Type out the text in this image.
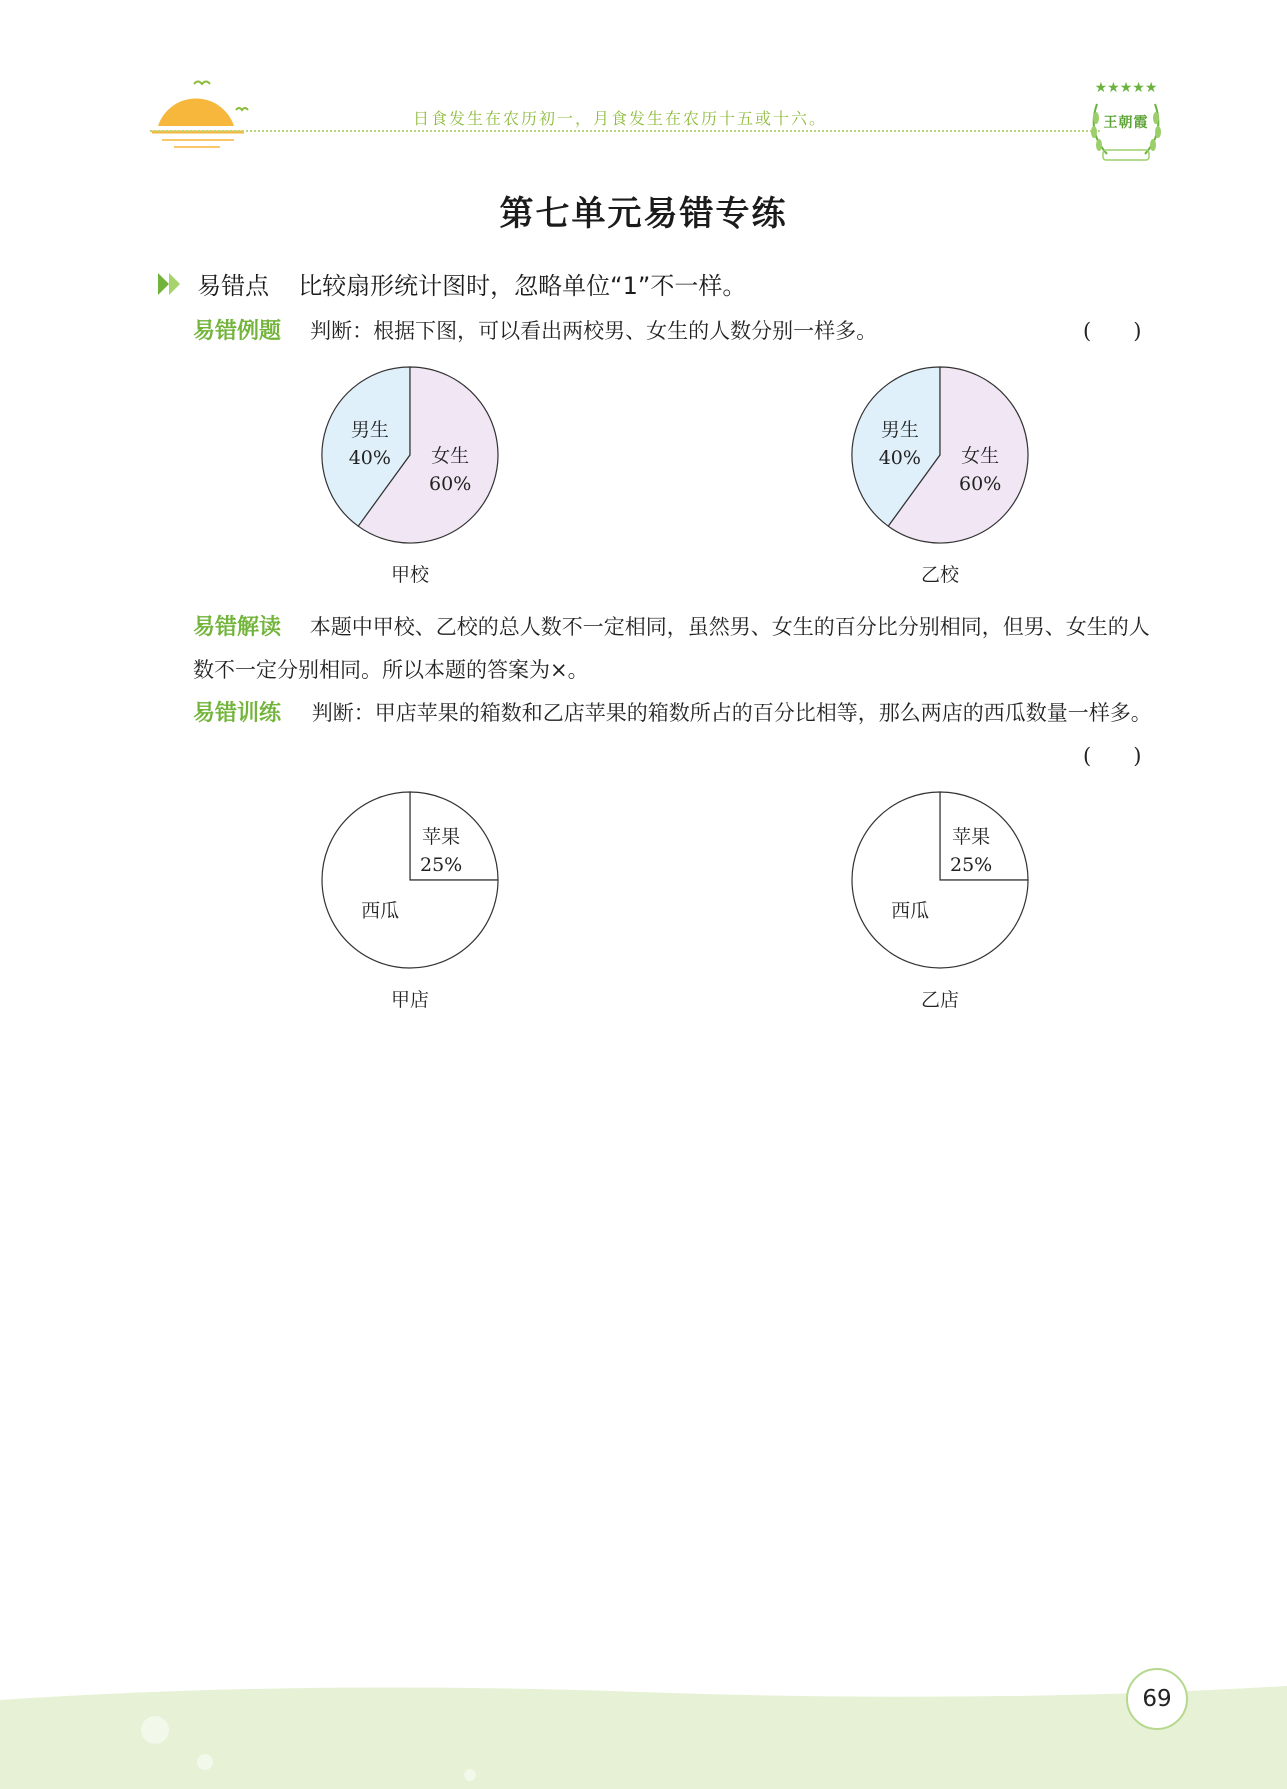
日食发生在农历初一，月食发生在农历十五或十六。
★★★★★
王朝霞
第七单元易错专练
易错点 比较扇形统计图时，忽略单位“1”不一样。
易错例题 判断：根据下图，可以看出两校男、女生的人数分别一样多。	(　　)
男生
40% 女生
60%
甲校
男生
40% 女生
60%
乙校
易错解读 本题中甲校、乙校的总人数不一定相同，虽然男、女生的百分比分别相同，但男、女生的人数不一定分别相同。所以本题的答案为×。
易错训练 判断：甲店苹果的箱数和乙店苹果的箱数所占的百分比相等，那么两店的西瓜数量一样多。
(　　)
苹果
25%
西瓜
甲店
苹果
25%
西瓜
乙店
69
